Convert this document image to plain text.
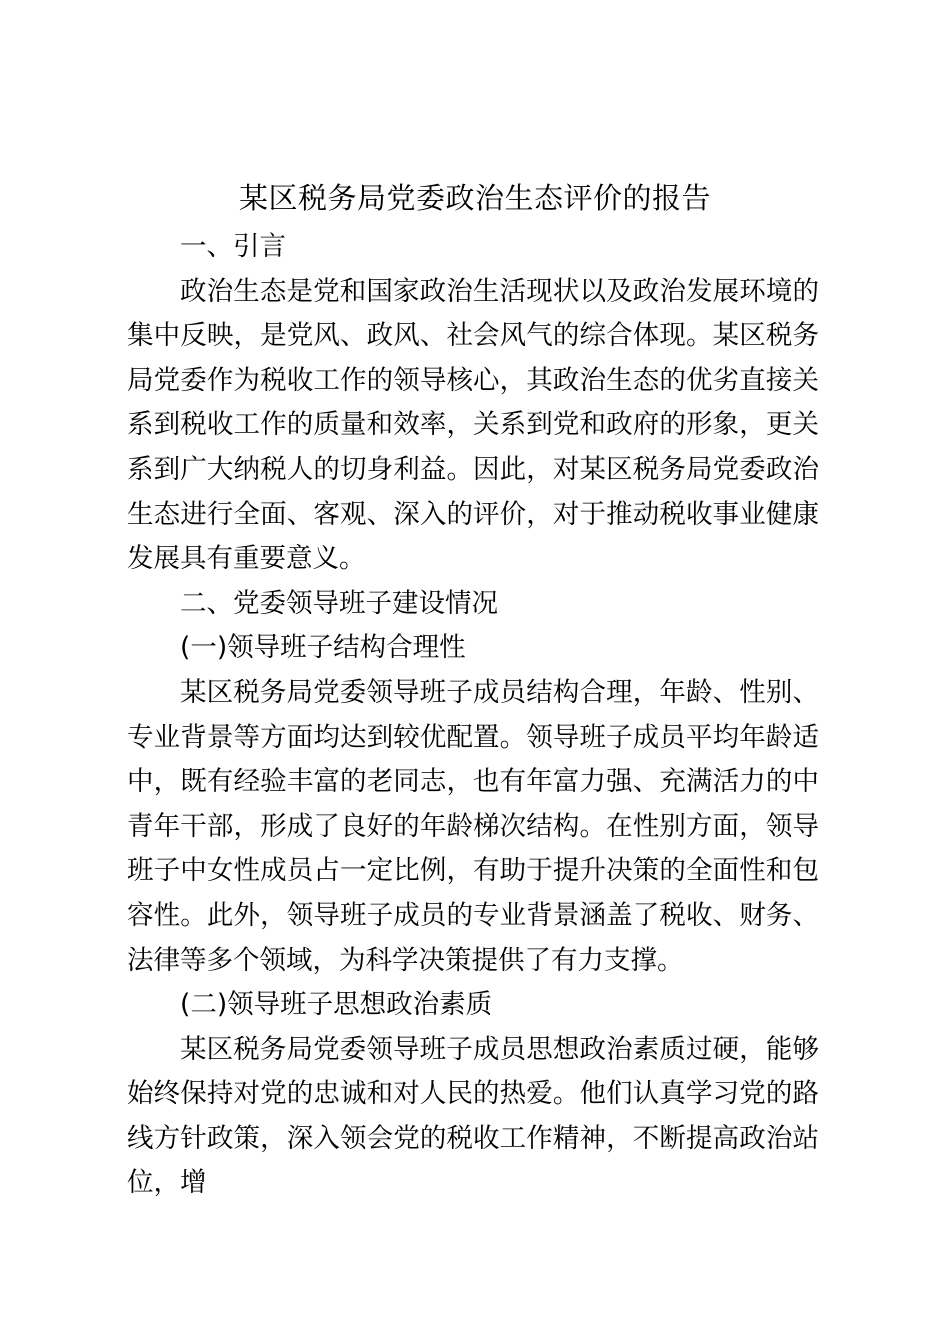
某区税务局党委政治生态评价的报告

一、引言

政治生态是党和国家政治生活现状以及政治发展环境的集中反映，是党风、政风、社会风气的综合体现。某区税务局党委作为税收工作的领导核心，其政治生态的优劣直接关系到税收工作的质量和效率，关系到党和政府的形象，更关系到广大纳税人的切身利益。因此，对某区税务局党委政治生态进行全面、客观、深入的评价，对于推动税收事业健康发展具有重要意义。

二、党委领导班子建设情况

(一)领导班子结构合理性

某区税务局党委领导班子成员结构合理，年龄、性别、专业背景等方面均达到较优配置。领导班子成员平均年龄适中，既有经验丰富的老同志，也有年富力强、充满活力的中青年干部，形成了良好的年龄梯次结构。在性别方面，领导班子中女性成员占一定比例，有助于提升决策的全面性和包容性。此外，领导班子成员的专业背景涵盖了税收、财务、法律等多个领域，为科学决策提供了有力支撑。

(二)领导班子思想政治素质

某区税务局党委领导班子成员思想政治素质过硬，能够始终保持对党的忠诚和对人民的热爱。他们认真学习党的路线方针政策，深入领会党的税收工作精神，不断提高政治站位，增
